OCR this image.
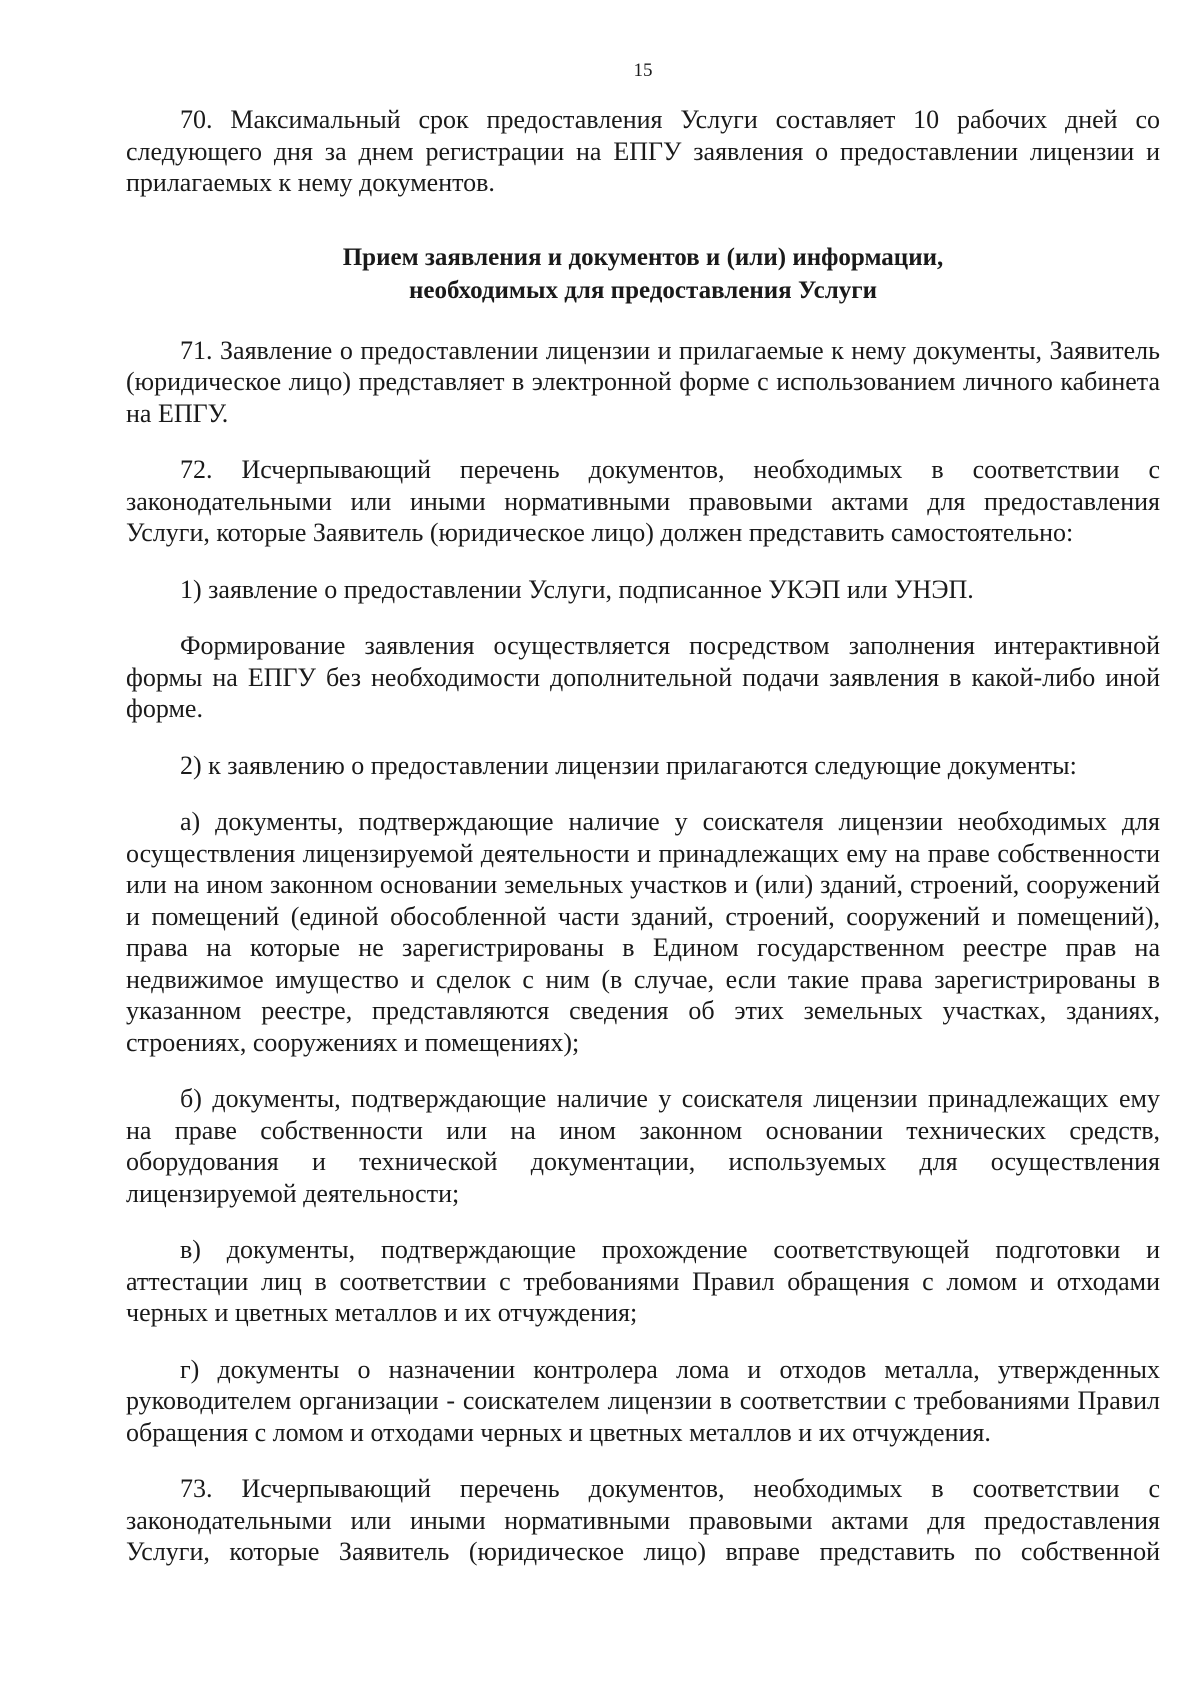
15

70. Максимальный срок предоставления Услуги составляет 10 рабочих дней со следующего дня за днем регистрации на ЕПГУ заявления о предоставлении лицензии и прилагаемых к нему документов.

Прием заявления и документов и (или) информации,
необходимых для предоставления Услуги

71. Заявление о предоставлении лицензии и прилагаемые к нему документы, Заявитель (юридическое лицо) представляет в электронной форме с использованием личного кабинета на ЕПГУ.

72. Исчерпывающий перечень документов, необходимых в соответствии с законодательными или иными нормативными правовыми актами для предоставления Услуги, которые Заявитель (юридическое лицо) должен представить самостоятельно:

1) заявление о предоставлении Услуги, подписанное УКЭП или УНЭП.

Формирование заявления осуществляется посредством заполнения интерактивной формы на ЕПГУ без необходимости дополнительной подачи заявления в какой-либо иной форме.

2) к заявлению о предоставлении лицензии прилагаются следующие документы:

а) документы, подтверждающие наличие у соискателя лицензии необходимых для осуществления лицензируемой деятельности и принадлежащих ему на праве собственности или на ином законном основании земельных участков и (или) зданий, строений, сооружений и помещений (единой обособленной части зданий, строений, сооружений и помещений), права на которые не зарегистрированы в Едином государственном реестре прав на недвижимое имущество и сделок с ним (в случае, если такие права зарегистрированы в указанном реестре, представляются сведения об этих земельных участках, зданиях, строениях, сооружениях и помещениях);

б) документы, подтверждающие наличие у соискателя лицензии принадлежащих ему на праве собственности или на ином законном основании технических средств, оборудования и технической документации, используемых для осуществления лицензируемой деятельности;

в) документы, подтверждающие прохождение соответствующей подготовки и аттестации лиц в соответствии с требованиями Правил обращения с ломом и отходами черных и цветных металлов и их отчуждения;

г) документы о назначении контролера лома и отходов металла, утвержденных руководителем организации - соискателем лицензии в соответствии с требованиями Правил обращения с ломом и отходами черных и цветных металлов и их отчуждения.

73. Исчерпывающий перечень документов, необходимых в соответствии с законодательными или иными нормативными правовыми актами для предоставления Услуги, которые Заявитель (юридическое лицо) вправе представить по собственной
